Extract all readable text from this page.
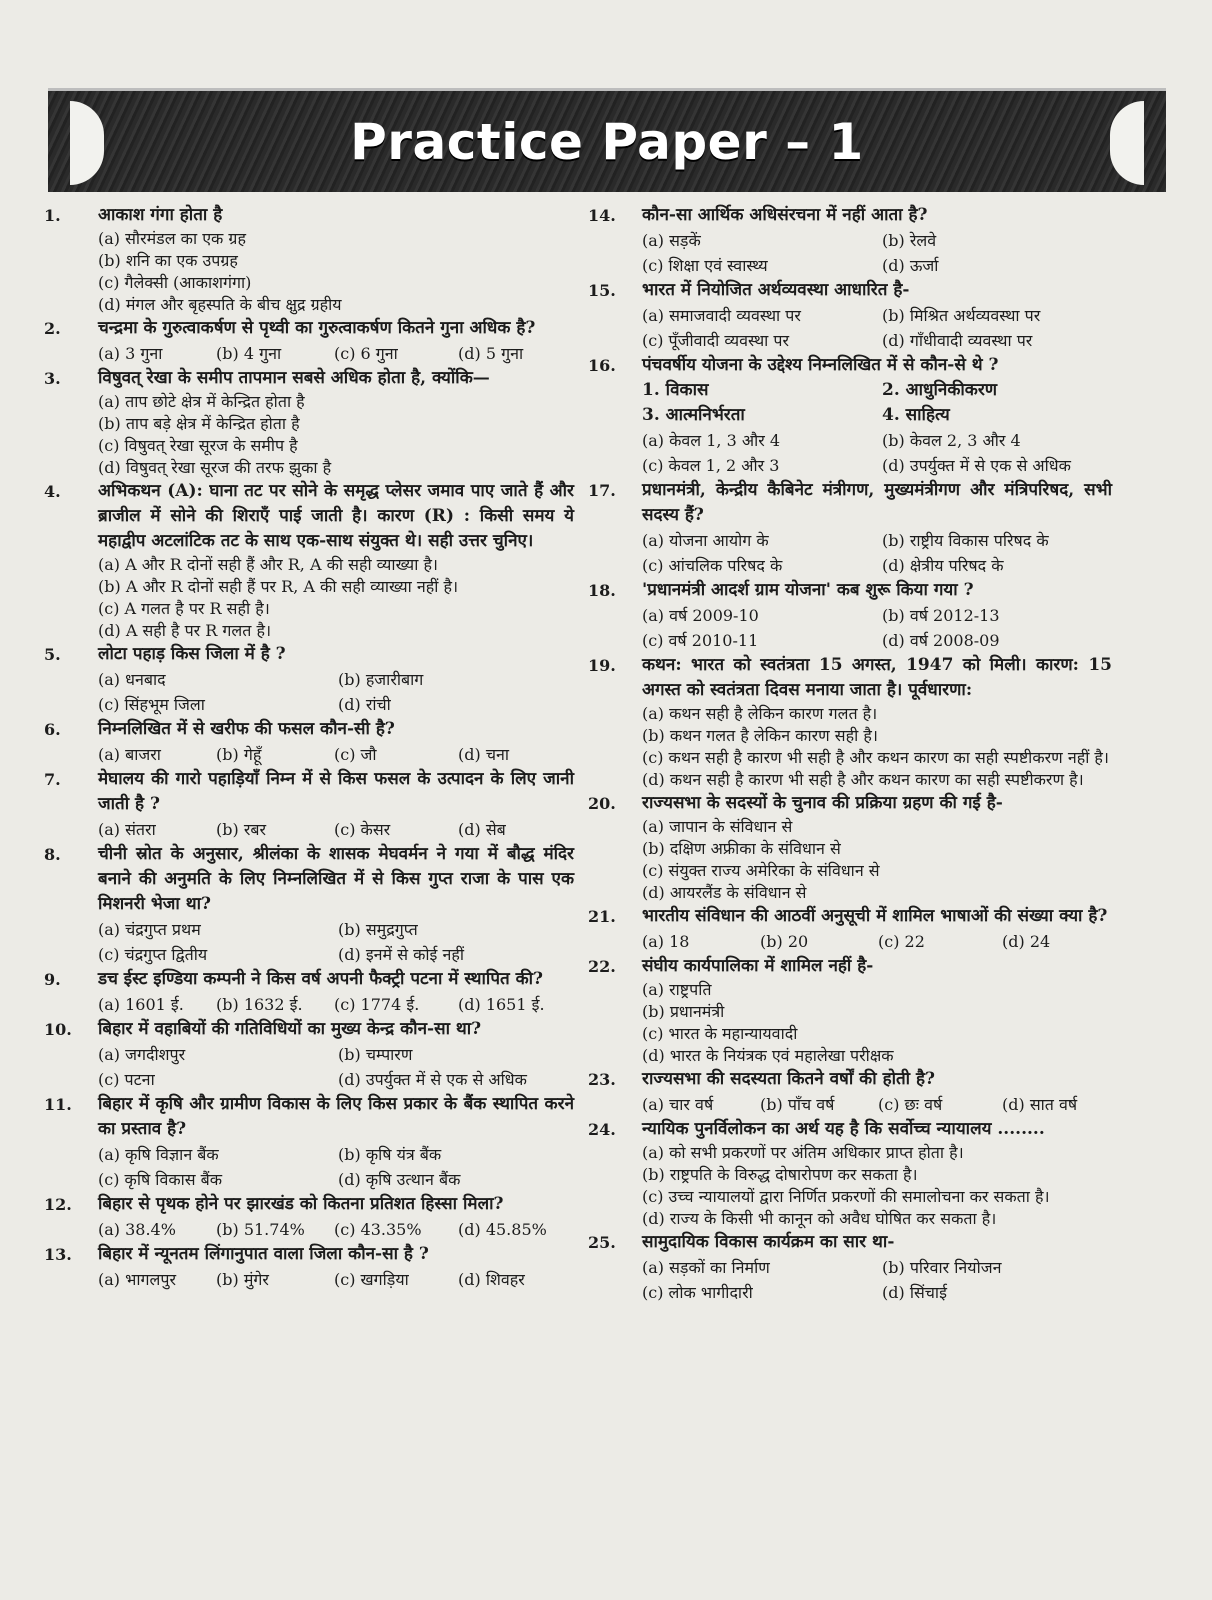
Practice Paper – 1
1.	आकाश गंगा होता है
(a) सौरमंडल का एक ग्रह
(b) शनि का एक उपग्रह
(c) गैलेक्सी (आकाशगंगा)
(d) मंगल और बृहस्पति के बीच क्षुद्र ग्रहीय
2.	चन्द्रमा के गुरुत्वाकर्षण से पृथ्वी का गुरुत्वाकर्षण कितने गुना अधिक है?
(a) 3 गुना	(b) 4 गुना	(c) 6 गुना	(d) 5 गुना
3.	विषुवत् रेखा के समीप तापमान सबसे अधिक होता है, क्योंकि—
(a) ताप छोटे क्षेत्र में केन्द्रित होता है
(b) ताप बड़े क्षेत्र में केन्द्रित होता है
(c) विषुवत् रेखा सूरज के समीप है
(d) विषुवत् रेखा सूरज की तरफ झुका है
4.	अभिकथन (A): घाना तट पर सोने के समृद्ध प्लेसर जमाव पाए जाते हैं और ब्राजील में सोने की शिराएँ पाई जाती है। कारण (R) : किसी समय ये महाद्वीप अटलांटिक तट के साथ एक-साथ संयुक्त थे। सही उत्तर चुनिए।
(a) A और R दोनों सही हैं और R, A की सही व्याख्या है।
(b) A और R दोनों सही हैं पर R, A की सही व्याख्या नहीं है।
(c) A गलत है पर R सही है।
(d) A सही है पर R गलत है।
5.	लोटा पहाड़ किस जिला में है ?
(a) धनबाद	(b) हजारीबाग
(c) सिंहभूम जिला	(d) रांची
6.	निम्नलिखित में से खरीफ की फसल कौन-सी है?
(a) बाजरा	(b) गेहूँ	(c) जौ	(d) चना
7.	मेघालय की गारो पहाड़ियाँ निम्न में से किस फसल के उत्पादन के लिए जानी जाती है ?
(a) संतरा	(b) रबर	(c) केसर	(d) सेब
8.	चीनी स्रोत के अनुसार, श्रीलंका के शासक मेघवर्मन ने गया में बौद्ध मंदिर बनाने की अनुमति के लिए निम्नलिखित में से किस गुप्त राजा के पास एक मिशनरी भेजा था?
(a) चंद्रगुप्त प्रथम	(b) समुद्रगुप्त
(c) चंद्रगुप्त द्वितीय	(d) इनमें से कोई नहीं
9.	डच ईस्ट इण्डिया कम्पनी ने किस वर्ष अपनी फैक्ट्री पटना में स्थापित की?
(a) 1601 ई.	(b) 1632 ई.	(c) 1774 ई.	(d) 1651 ई.
10.	बिहार में वहाबियों की गतिविधियों का मुख्य केन्द्र कौन-सा था?
(a) जगदीशपुर	(b) चम्पारण
(c) पटना	(d) उपर्युक्त में से एक से अधिक
11.	बिहार में कृषि और ग्रामीण विकास के लिए किस प्रकार के बैंक स्थापित करने का प्रस्ताव है?
(a) कृषि विज्ञान बैंक	(b) कृषि यंत्र बैंक
(c) कृषि विकास बैंक	(d) कृषि उत्थान बैंक
12.	बिहार से पृथक होने पर झारखंड को कितना प्रतिशत हिस्सा मिला?
(a) 38.4%	(b) 51.74%	(c) 43.35%	(d) 45.85%
13.	बिहार में न्यूनतम लिंगानुपात वाला जिला कौन-सा है ?
(a) भागलपुर	(b) मुंगेर	(c) खगड़िया	(d) शिवहर
14.	कौन-सा आर्थिक अधिसंरचना में नहीं आता है?
(a) सड़कें	(b) रेलवे
(c) शिक्षा एवं स्वास्थ्य	(d) ऊर्जा
15.	भारत में नियोजित अर्थव्यवस्था आधारित है-
(a) समाजवादी व्यवस्था पर	(b) मिश्रित अर्थव्यवस्था पर
(c) पूँजीवादी व्यवस्था पर	(d) गाँधीवादी व्यवस्था पर
16.	पंचवर्षीय योजना के उद्देश्य निम्नलिखित में से कौन-से थे ?
1. विकास	2. आधुनिकीकरण
3. आत्मनिर्भरता	4. साहित्य
(a) केवल 1, 3 और 4	(b) केवल 2, 3 और 4
(c) केवल 1, 2 और 3	(d) उपर्युक्त में से एक से अधिक
17.	प्रधानमंत्री, केन्द्रीय कैबिनेट मंत्रीगण, मुख्यमंत्रीगण और मंत्रिपरिषद, सभी सदस्य हैं?
(a) योजना आयोग के	(b) राष्ट्रीय विकास परिषद के
(c) आंचलिक परिषद के	(d) क्षेत्रीय परिषद के
18.	'प्रधानमंत्री आदर्श ग्राम योजना' कब शुरू किया गया ?
(a) वर्ष 2009-10	(b) वर्ष 2012-13
(c) वर्ष 2010-11	(d) वर्ष 2008-09
19.	कथन: भारत को स्वतंत्रता 15 अगस्त, 1947 को मिली। कारण: 15 अगस्त को स्वतंत्रता दिवस मनाया जाता है। पूर्वधारणा:
(a) कथन सही है लेकिन कारण गलत है।
(b) कथन गलत है लेकिन कारण सही है।
(c) कथन सही है कारण भी सही है और कथन कारण का सही स्पष्टीकरण नहीं है।
(d) कथन सही है कारण भी सही है और कथन कारण का सही स्पष्टीकरण है।
20.	राज्यसभा के सदस्यों के चुनाव की प्रक्रिया ग्रहण की गई है-
(a) जापान के संविधान से
(b) दक्षिण अफ्रीका के संविधान से
(c) संयुक्त राज्य अमेरिका के संविधान से
(d) आयरलैंड के संविधान से
21.	भारतीय संविधान की आठवीं अनुसूची में शामिल भाषाओं की संख्या क्या है?
(a) 18	(b) 20	(c) 22	(d) 24
22.	संघीय कार्यपालिका में शामिल नहीं है-
(a) राष्ट्रपति
(b) प्रधानमंत्री
(c) भारत के महान्यायवादी
(d) भारत के नियंत्रक एवं महालेखा परीक्षक
23.	राज्यसभा की सदस्यता कितने वर्षों की होती है?
(a) चार वर्ष	(b) पाँच वर्ष	(c) छः वर्ष	(d) सात वर्ष
24.	न्यायिक पुनर्विलोकन का अर्थ यह है कि सर्वोच्च न्यायालय ........
(a) को सभी प्रकरणों पर अंतिम अधिकार प्राप्त होता है।
(b) राष्ट्रपति के विरुद्ध दोषारोपण कर सकता है।
(c) उच्च न्यायालयों द्वारा निर्णित प्रकरणों की समालोचना कर सकता है।
(d) राज्य के किसी भी कानून को अवैध घोषित कर सकता है।
25.	सामुदायिक विकास कार्यक्रम का सार था-
(a) सड़कों का निर्माण	(b) परिवार नियोजन
(c) लोक भागीदारी	(d) सिंचाई
